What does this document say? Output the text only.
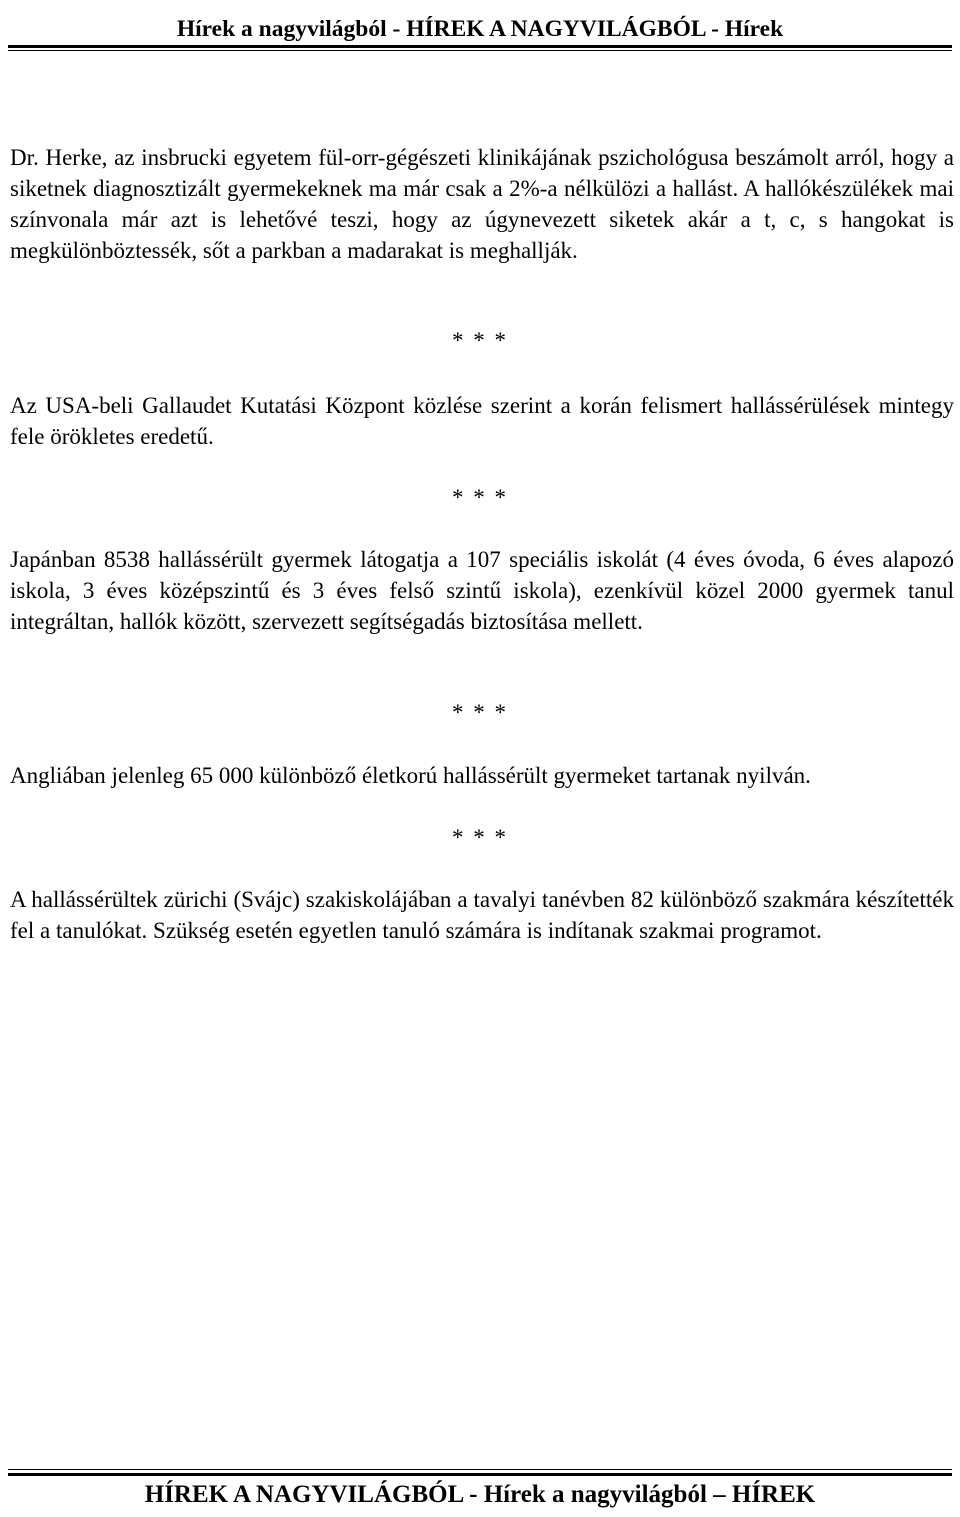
Hírek a nagyvilágból - HÍREK A NAGYVILÁGBÓL - Hírek

Dr. Herke, az insbrucki egyetem fül-orr-gégészeti klinikájának pszichológusa beszámolt arról, hogy a siketnek diagnosztizált gyermekeknek ma már csak a 2%-a nélkülözi a hallást. A hallókészülékek mai színvonala már azt is lehetővé teszi, hogy az úgynevezett siketek akár a t, c, s hangokat is megkülönböztessék, sőt a parkban a madarakat is meghallják.

* * *

Az USA-beli Gallaudet Kutatási Központ közlése szerint a korán felismert hallássérülések mintegy fele örökletes eredetű.

* * *

Japánban 8538 hallássérült gyermek látogatja a 107 speciális iskolát (4 éves óvoda, 6 éves alapozó iskola, 3 éves középszintű és 3 éves felső szintű iskola), ezenkívül közel 2000 gyermek tanul integráltan, hallók között, szervezett segítségadás biztosítása mellett.

* * *

Angliában jelenleg 65 000 különböző életkorú hallássérült gyermeket tartanak nyilván.

* * *

A hallássérültek zürichi (Svájc) szakiskolájában a tavalyi tanévben 82 különböző szakmára készítették fel a tanulókat. Szükség esetén egyetlen tanuló számára is indítanak szakmai programot.

HÍREK A NAGYVILÁGBÓL - Hírek a nagyvilágból – HÍREK
